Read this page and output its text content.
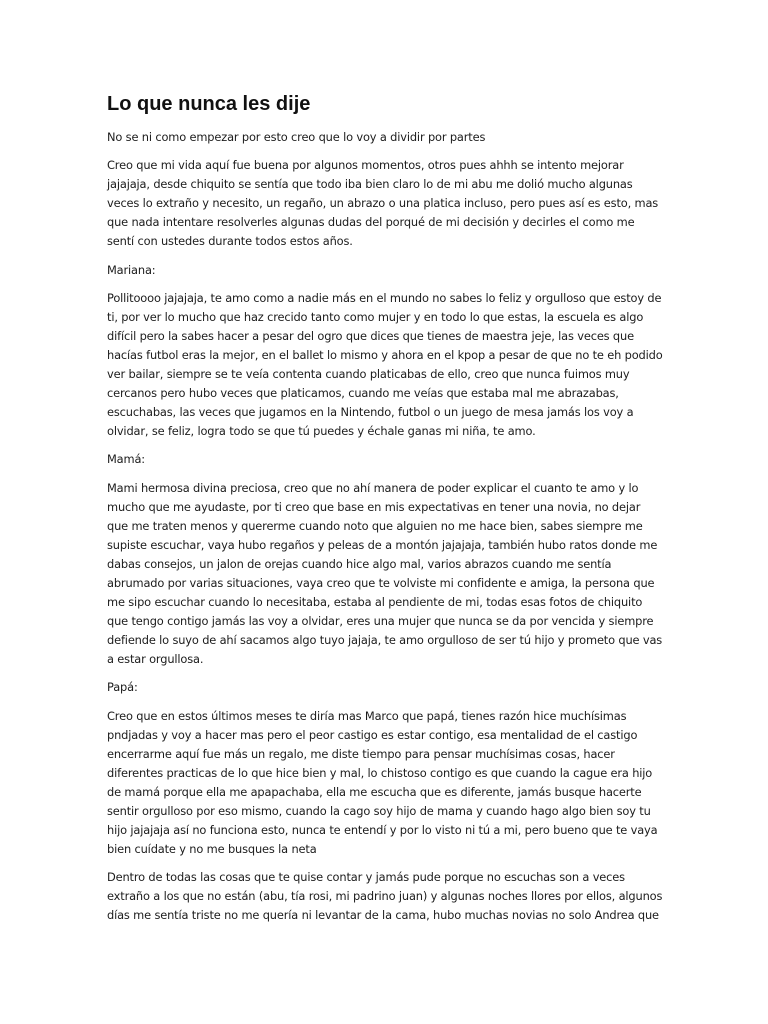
Lo que nunca les dije

No se ni como empezar por esto creo que lo voy a dividir por partes

Creo que mi vida aquí fue buena por algunos momentos, otros pues ahhh se intento mejorar jajajaja, desde chiquito se sentía que todo iba bien claro lo de mi abu me dolió mucho algunas veces lo extraño y necesito, un regaño, un abrazo o una platica incluso, pero pues así es esto, mas que nada intentare resolverles algunas dudas del porqué de mi decisión y decirles el como me sentí con ustedes durante todos estos años.

Mariana:

Pollitoooo jajajaja, te amo como a nadie más en el mundo no sabes lo feliz y orgulloso que estoy de ti, por ver lo mucho que haz crecido tanto como mujer y en todo lo que estas, la escuela es algo difícil pero la sabes hacer a pesar del ogro que dices que tienes de maestra jeje, las veces que hacías futbol eras la mejor, en el ballet lo mismo y ahora en el kpop a pesar de que no te eh podido ver bailar, siempre se te veía contenta cuando platicabas de ello, creo que nunca fuimos muy cercanos pero hubo veces que platicamos, cuando me veías que estaba mal me abrazabas, escuchabas, las veces que jugamos en la Nintendo, futbol o un juego de mesa jamás los voy a olvidar, se feliz, logra todo se que tú puedes y échale ganas mi niña, te amo.

Mamá:

Mami hermosa divina preciosa, creo que no ahí manera de poder explicar el cuanto te amo y lo mucho que me ayudaste, por ti creo que base en mis expectativas en tener una novia, no dejar que me traten menos y quererme cuando noto que alguien no me hace bien, sabes siempre me supiste escuchar, vaya hubo regaños y peleas de a montón jajajaja, también hubo ratos donde me dabas consejos, un jalon de orejas cuando hice algo mal, varios abrazos cuando me sentía abrumado por varias situaciones, vaya creo que te volviste mi confidente e amiga, la persona que me sipo escuchar cuando lo necesitaba, estaba al pendiente de mi, todas esas fotos de chiquito que tengo contigo jamás las voy a olvidar, eres una mujer que nunca se da por vencida y siempre defiende lo suyo de ahí sacamos algo tuyo jajaja, te amo orgulloso de ser tú hijo y prometo que vas a estar orgullosa.

Papá:

Creo que en estos últimos meses te diría mas Marco que papá, tienes razón hice muchísimas pndjadas y voy a hacer mas pero el peor castigo es estar contigo, esa mentalidad de el castigo encerrarme aquí fue más un regalo, me diste tiempo para pensar muchísimas cosas, hacer diferentes practicas de lo que hice bien y mal, lo chistoso contigo es que cuando la cague era hijo de mamá porque ella me apapachaba, ella me escucha que es diferente, jamás busque hacerte sentir orgulloso por eso mismo, cuando la cago soy hijo de mama y cuando hago algo bien soy tu hijo jajajaja así no funciona esto, nunca te entendí y por lo visto ni tú a mi, pero bueno que te vaya bien cuídate y no me busques la neta

Dentro de todas las cosas que te quise contar y jamás pude porque no escuchas son a veces extraño a los que no están (abu, tía rosi, mi padrino juan) y algunas noches llores por ellos, algunos días me sentía triste no me quería ni levantar de la cama, hubo muchas novias no solo Andrea que
